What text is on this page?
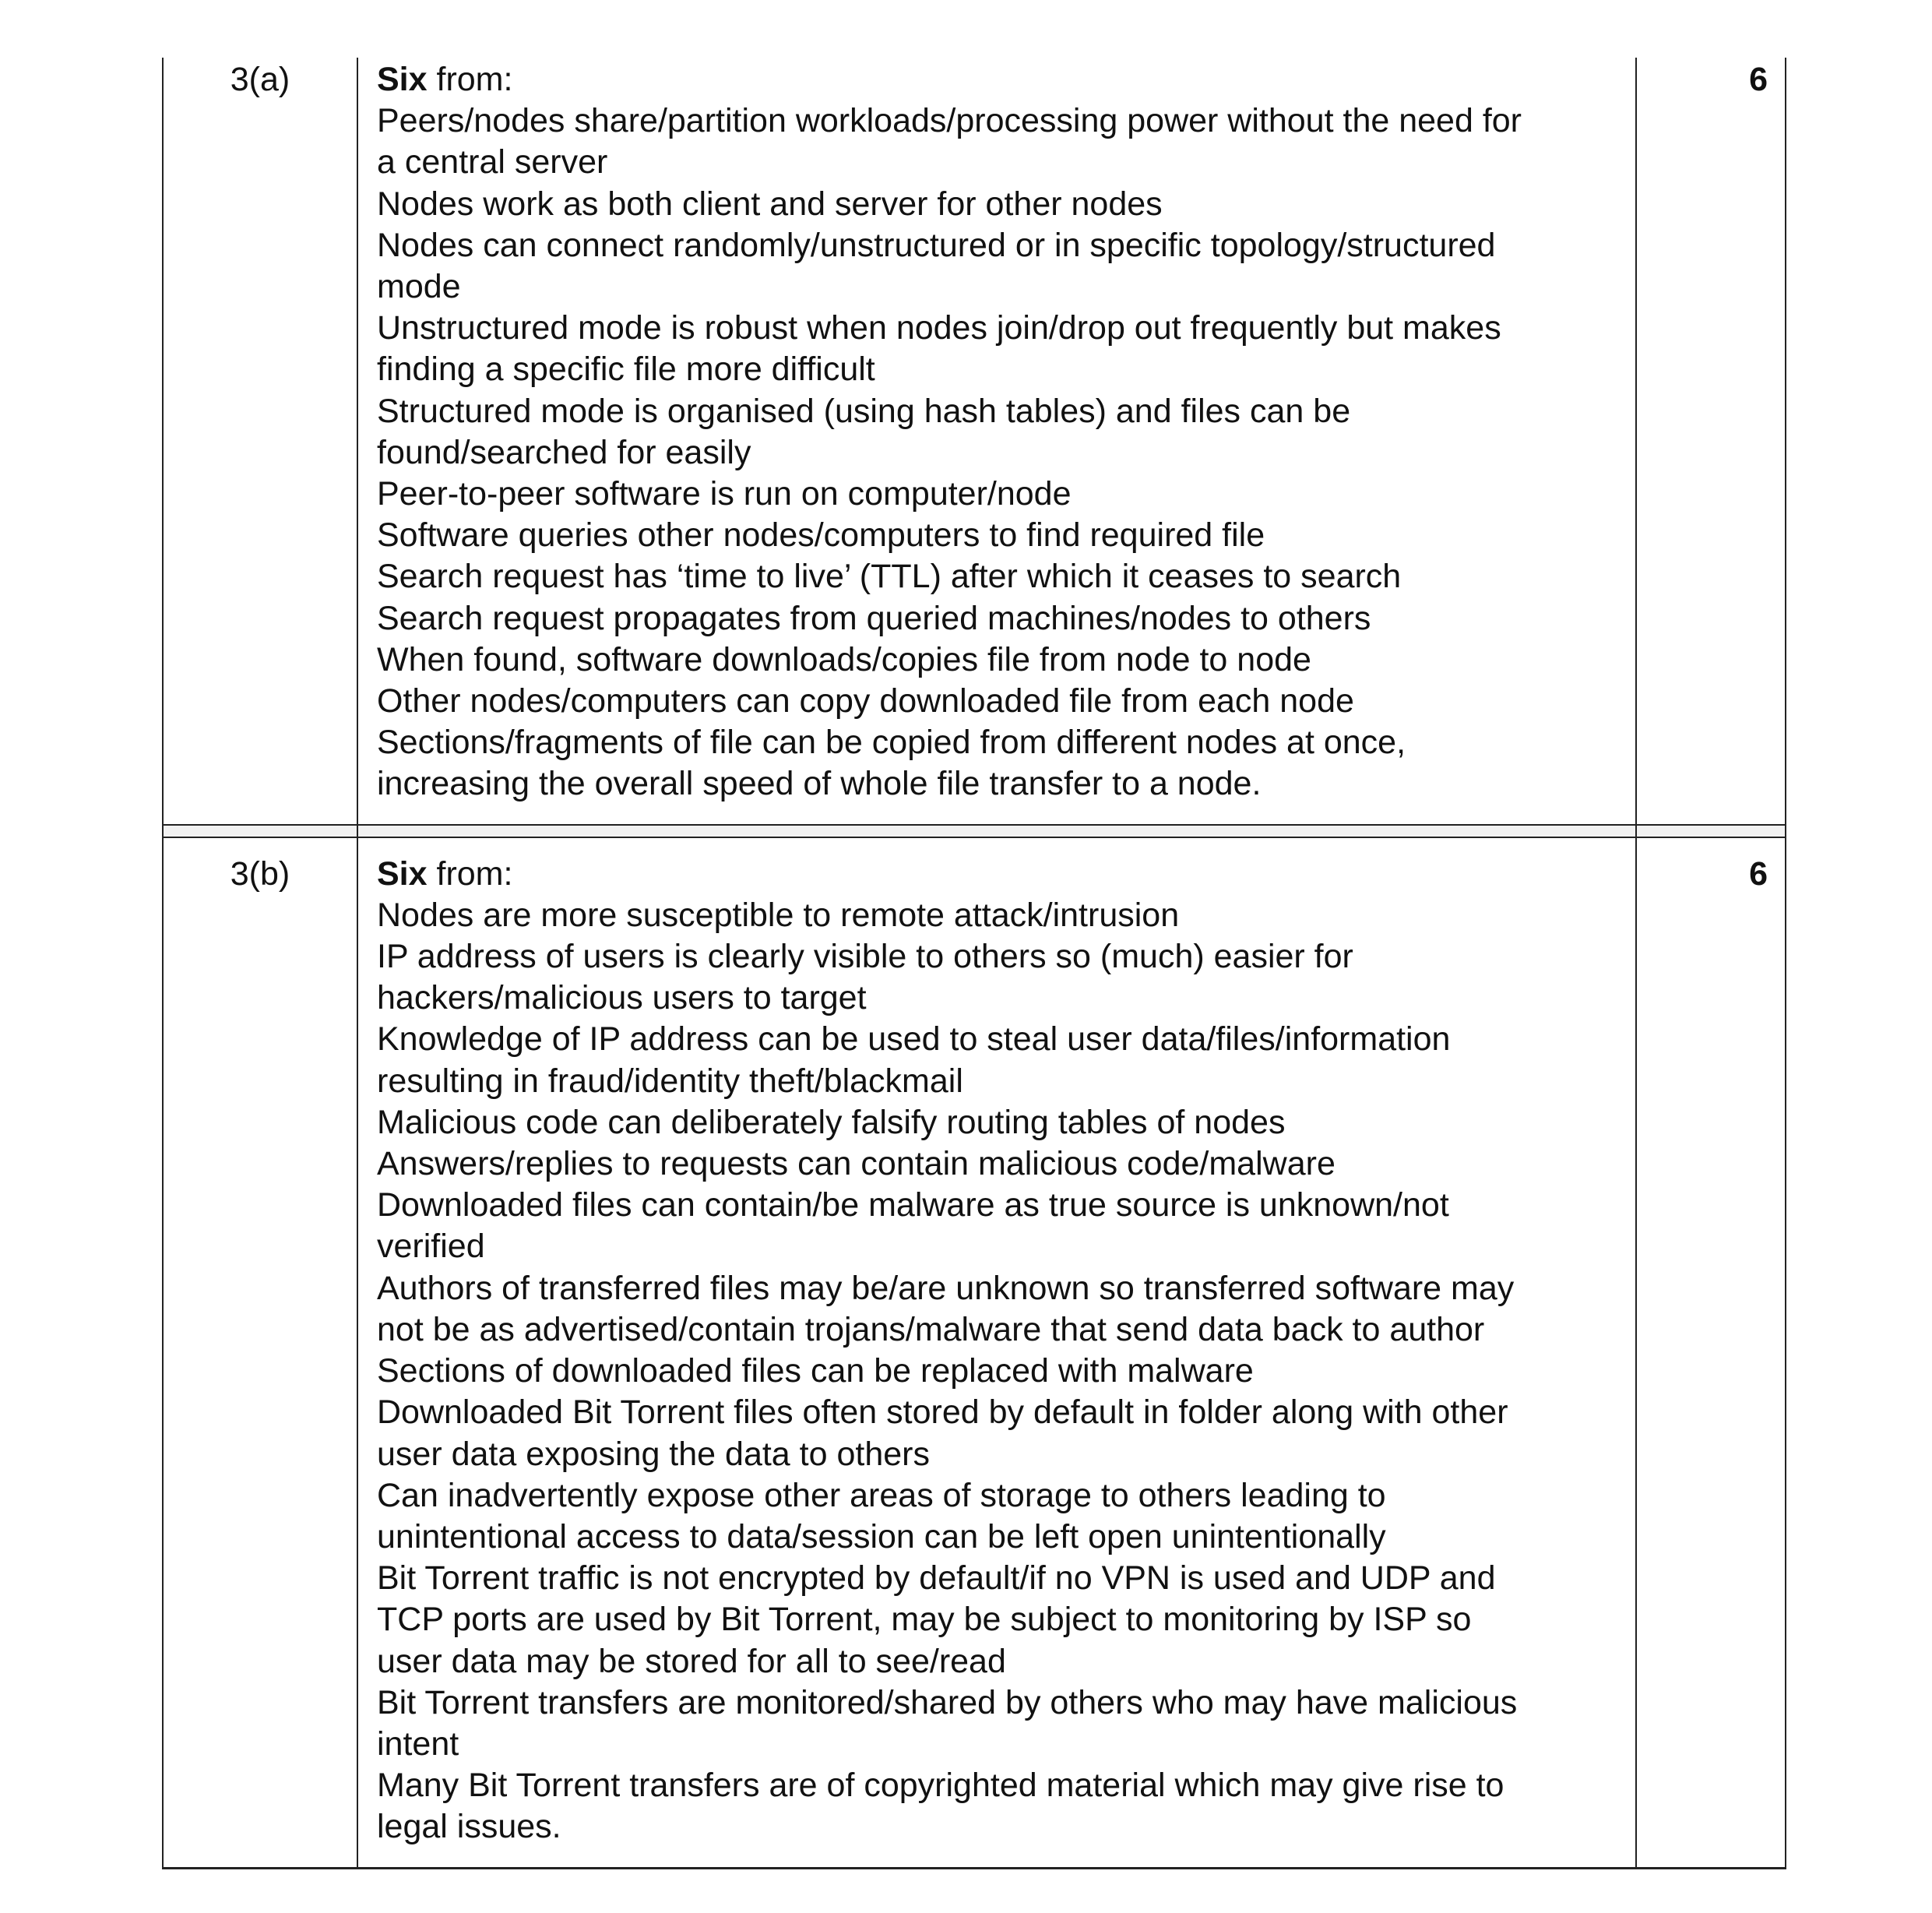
3(a)	Six from:
Peers/nodes share/partition workloads/processing power without the need for
a central server
Nodes work as both client and server for other nodes
Nodes can connect randomly/unstructured or in specific topology/structured
mode
Unstructured mode is robust when nodes join/drop out frequently but makes
finding a specific file more difficult
Structured mode is organised (using hash tables) and files can be
found/searched for easily
Peer-to-peer software is run on computer/node
Software queries other nodes/computers to find required file
Search request has ‘time to live’ (TTL) after which it ceases to search
Search request propagates from queried machines/nodes to others
When found, software downloads/copies file from node to node
Other nodes/computers can copy downloaded file from each node
Sections/fragments of file can be copied from different nodes at once,
increasing the overall speed of whole file transfer to a node.
6
3(b)	Six from:
Nodes are more susceptible to remote attack/intrusion
IP address of users is clearly visible to others so (much) easier for
hackers/malicious users to target
Knowledge of IP address can be used to steal user data/files/information
resulting in fraud/identity theft/blackmail
Malicious code can deliberately falsify routing tables of nodes
Answers/replies to requests can contain malicious code/malware
Downloaded files can contain/be malware as true source is unknown/not
verified
Authors of transferred files may be/are unknown so transferred software may
not be as advertised/contain trojans/malware that send data back to author
Sections of downloaded files can be replaced with malware
Downloaded Bit Torrent files often stored by default in folder along with other
user data exposing the data to others
Can inadvertently expose other areas of storage to others leading to
unintentional access to data/session can be left open unintentionally
Bit Torrent traffic is not encrypted by default/if no VPN is used and UDP and
TCP ports are used by Bit Torrent, may be subject to monitoring by ISP so
user data may be stored for all to see/read
Bit Torrent transfers are monitored/shared by others who may have malicious
intent
Many Bit Torrent transfers are of copyrighted material which may give rise to
legal issues.
6
